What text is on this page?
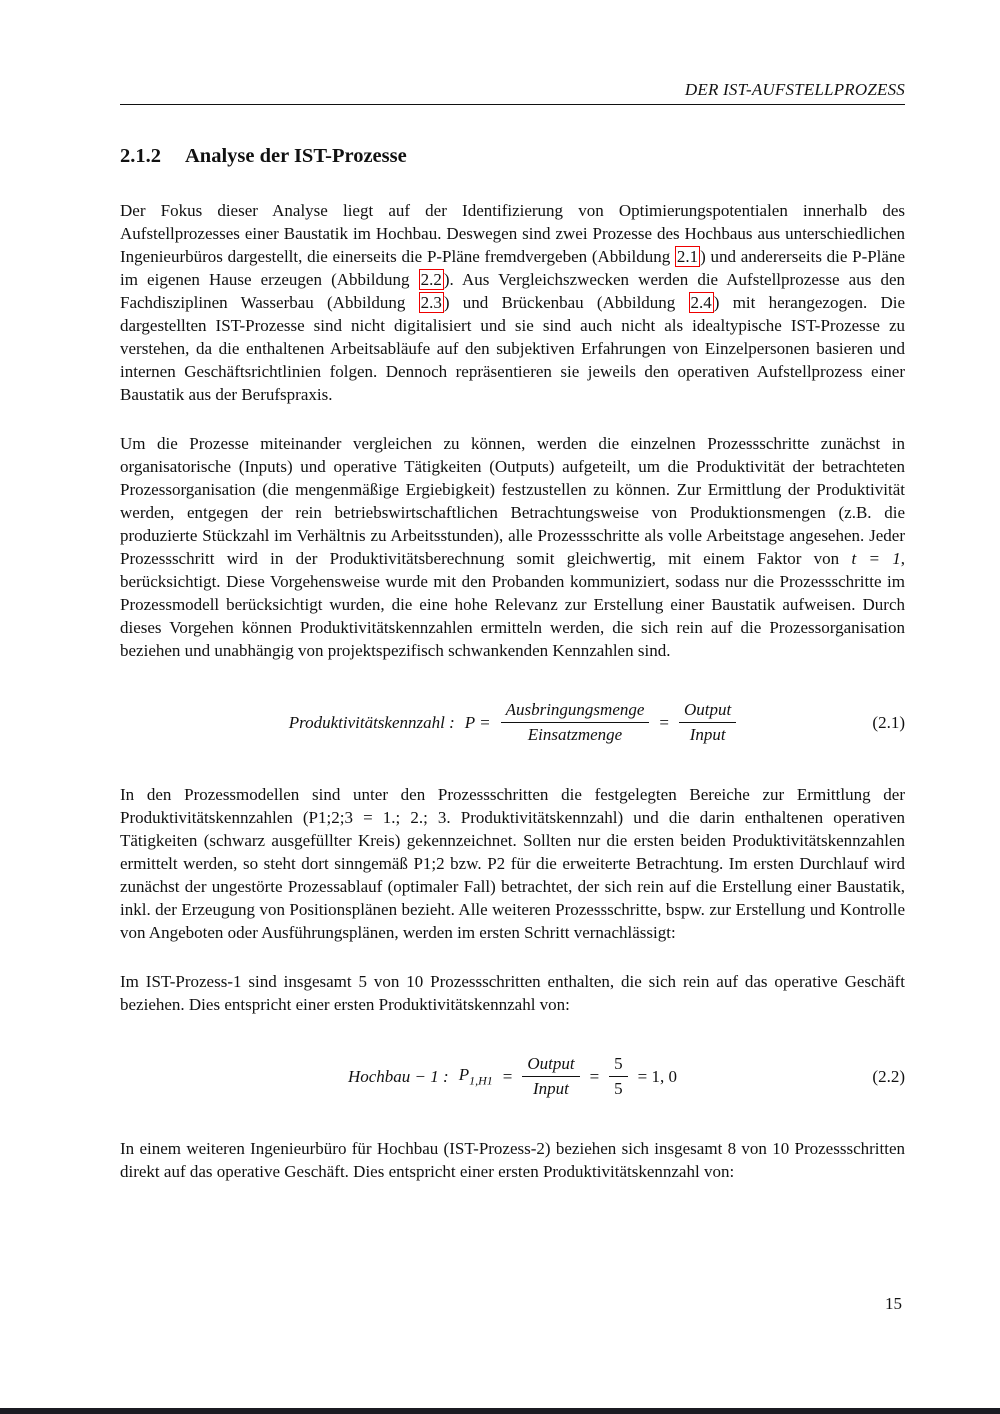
DER IST-AUFSTELLPROZESS
2.1.2 Analyse der IST-Prozesse

Der Fokus dieser Analyse liegt auf der Identifizierung von Optimierungspotentialen innerhalb des Aufstellprozesses einer Baustatik im Hochbau. Deswegen sind zwei Prozesse des Hochbaus aus unterschiedlichen Ingenieurbüros dargestellt, die einerseits die P-Pläne fremdvergeben (Abbildung 2.1 ) und andererseits die P-Pläne im eigenen Hause erzeugen (Abbildung 2.2 ). Aus Vergleichszwecken werden die Aufstellprozesse aus den Fachdisziplinen Wasserbau (Abbildung 2.3 ) und Brückenbau (Abbildung 2.4 ) mit herangezogen. Die dargestellten IST-Prozesse sind nicht digitalisiert und sie sind auch nicht als idealtypische IST-Prozesse zu verstehen, da die enthaltenen Arbeitsabläufe auf den subjektiven Erfahrungen von Einzelpersonen basieren und internen Geschäftsrichtlinien folgen. Dennoch repräsentieren sie jeweils den operativen Aufstellprozess einer Baustatik aus der Berufspraxis.

Um die Prozesse miteinander vergleichen zu können, werden die einzelnen Prozessschritte zunächst in organisatorische (Inputs) und operative Tätigkeiten (Outputs) aufgeteilt, um die Produktivität der betrachteten Prozessorganisation (die mengenmäßige Ergiebigkeit) festzustellen zu können. Zur Ermittlung der Produktivität werden, entgegen der rein betriebswirtschaftlichen Betrachtungsweise von Produktionsmengen (z.B. die produzierte Stückzahl im Verhältnis zu Arbeitsstunden), alle Prozessschritte als volle Arbeitstage angesehen. Jeder Prozessschritt wird in der Produktivitätsberechnung somit gleichwertig, mit einem Faktor von t = 1, berücksichtigt. Diese Vorgehensweise wurde mit den Probanden kommuniziert, sodass nur die Prozessschritte im Prozessmodell berücksichtigt wurden, die eine hohe Relevanz zur Erstellung einer Baustatik aufweisen. Durch dieses Vorgehen können Produktivitätskennzahlen ermitteln werden, die sich rein auf die Prozessorganisation beziehen und unabhängig von projektspezifisch schwankenden Kennzahlen sind.

Produktivitätskennzahl : $P = \frac{\text{Ausbringungsmenge}}{\text{Einsatzmenge}} = \frac{\text{Output}}{\text{Input}}$	(2.1)

In den Prozessmodellen sind unter den Prozessschritten die festgelegten Bereiche zur Ermittlung der Produktivitätskennzahlen (P1;2;3 = 1.; 2.; 3. Produktivitätskennzahl) und die darin enthaltenen operativen Tätigkeiten (schwarz ausgefüllter Kreis) gekennzeichnet. Sollten nur die ersten beiden Produktivitätskennzahlen ermittelt werden, so steht dort sinngemäß P1;2 bzw. P2 für die erweiterte Betrachtung. Im ersten Durchlauf wird zunächst der ungestörte Prozessablauf (optimaler Fall) betrachtet, der sich rein auf die Erstellung einer Baustatik, inkl. der Erzeugung von Positionsplänen bezieht. Alle weiteren Prozessschritte, bspw. zur Erstellung und Kontrolle von Angeboten oder Ausführungsplänen, werden im ersten Schritt vernachlässigt:

Im IST-Prozess-1 sind insgesamt 5 von 10 Prozessschritten enthalten, die sich rein auf das operative Geschäft beziehen. Dies entspricht einer ersten Produktivitätskennzahl von:

Hochbau − 1 : $P_{1,H1} = \frac{\text{Output}}{\text{Input}} = \frac{5}{5} = 1$, 0	(2.2)

In einem weiteren Ingenieurbüro für Hochbau (IST-Prozess-2) beziehen sich insgesamt 8 von 10 Prozessschritten direkt auf das operative Geschäft. Dies entspricht einer ersten Produktivitätskennzahl von:

15
